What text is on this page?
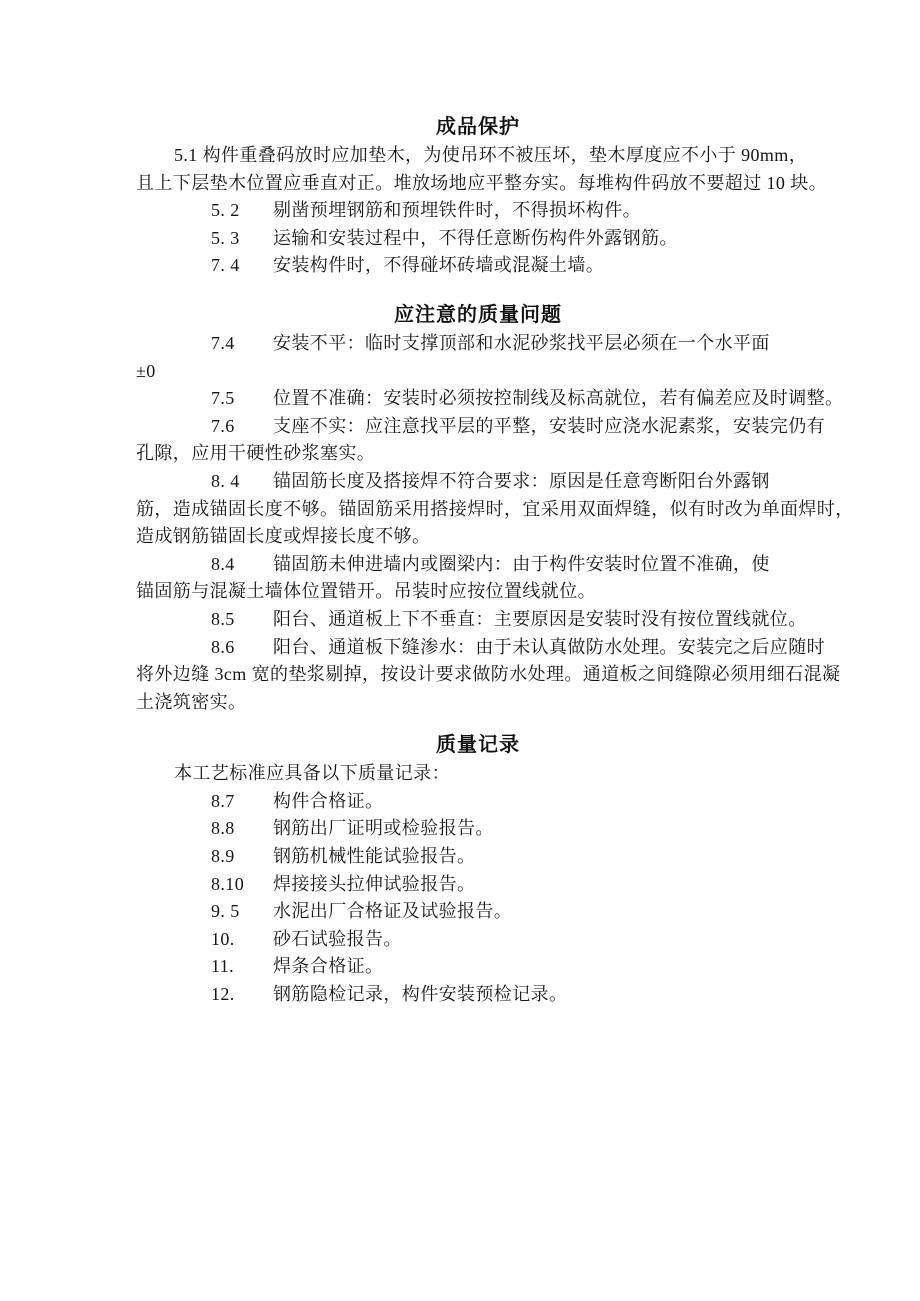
成品保护
5.1 构件重叠码放时应加垫木，为使吊环不被压坏，垫木厚度应不小于 90mm，
且上下层垫木位置应垂直对正。堆放场地应平整夯实。每堆构件码放不要超过 10 块。
5. 2 剔凿预埋钢筋和预埋铁件时，不得损坏构件。
5. 3 运输和安装过程中，不得任意断伤构件外露钢筋。
7. 4 安装构件时，不得碰坏砖墙或混凝土墙。
应注意的质量问题
7.4 安装不平：临时支撑顶部和水泥砂浆找平层必须在一个水平面
±0
7.5 位置不准确：安装时必须按控制线及标高就位，若有偏差应及时调整。
7.6 支座不实：应注意找平层的平整，安装时应浇水泥素浆，安装完仍有
孔隙，应用干硬性砂浆塞实。
8. 4 锚固筋长度及搭接焊不符合要求：原因是任意弯断阳台外露钢
筋，造成锚固长度不够。锚固筋采用搭接焊时，宜采用双面焊缝，似有时改为单面焊时，
造成钢筋锚固长度或焊接长度不够。
8.4 锚固筋未伸进墙内或圈梁内：由于构件安装时位置不准确，使
锚固筋与混凝土墙体位置错开。吊装时应按位置线就位。
8.5 阳台、通道板上下不垂直：主要原因是安装时没有按位置线就位。
8.6 阳台、通道板下缝渗水：由于未认真做防水处理。安装完之后应随时
将外边缝 3cm 宽的垫浆剔掉，按设计要求做防水处理。通道板之间缝隙必须用细石混凝
土浇筑密实。
质量记录
本工艺标准应具备以下质量记录：
8.7 构件合格证。
8.8 钢筋出厂证明或检验报告。
8.9 钢筋机械性能试验报告。
8.10 焊接接头拉伸试验报告。
9. 5 水泥出厂合格证及试验报告。
10. 砂石试验报告。
11. 焊条合格证。
12. 钢筋隐检记录，构件安装预检记录。
